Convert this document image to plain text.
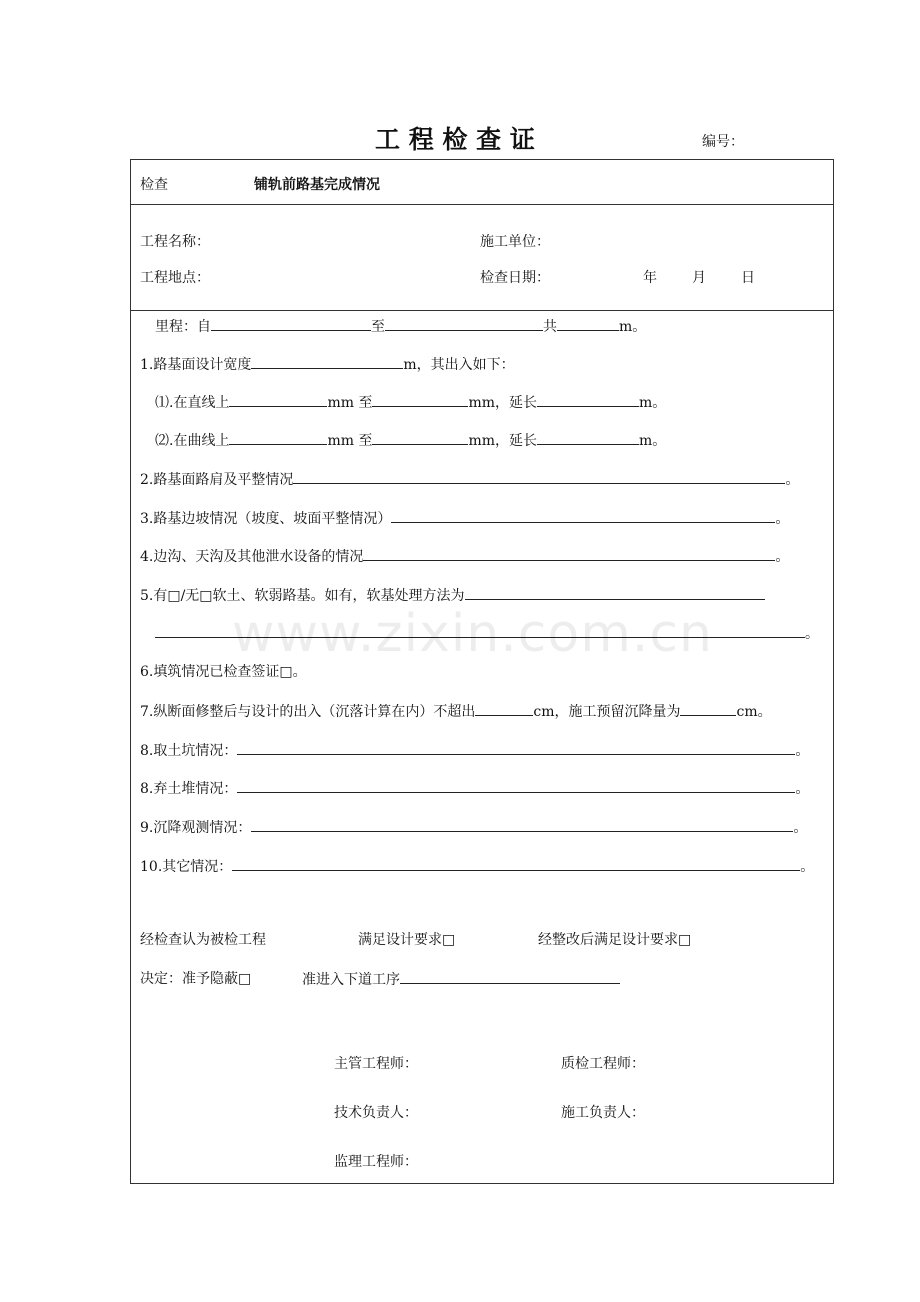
工 程 检 查 证	编号：
检查	铺轨前路基完成情况
工程名称：	施工单位：
工程地点：	检查日期：	年	月	日
里程：自	至	共	m。
1.路基面设计宽度	m，其出入如下：
⑴.在直线上	mm 至	mm，延长	m。
⑵.在曲线上	mm 至	mm，延长	m。
2.路基面路肩及平整情况	。
3.路基边坡情况（坡度、坡面平整情况）	。
4.边沟、天沟及其他泄水设备的情况	。
5.有□/无□软土、软弱路基。如有，软基处理方法为
。
www.zixin.com.cn
6.填筑情况已检查签证□。
7.纵断面修整后与设计的出入（沉落计算在内）不超出	cm，施工预留沉降量为	cm。
8.取土坑情况：	。
8.弃土堆情况：	。
9.沉降观测情况：	。
10.其它情况：	。
经检查认为被检工程	满足设计要求□	经整改后满足设计要求□
决定：准予隐蔽□	准进入下道工序
主管工程师：	质检工程师：
技术负责人：	施工负责人：
监理工程师：
